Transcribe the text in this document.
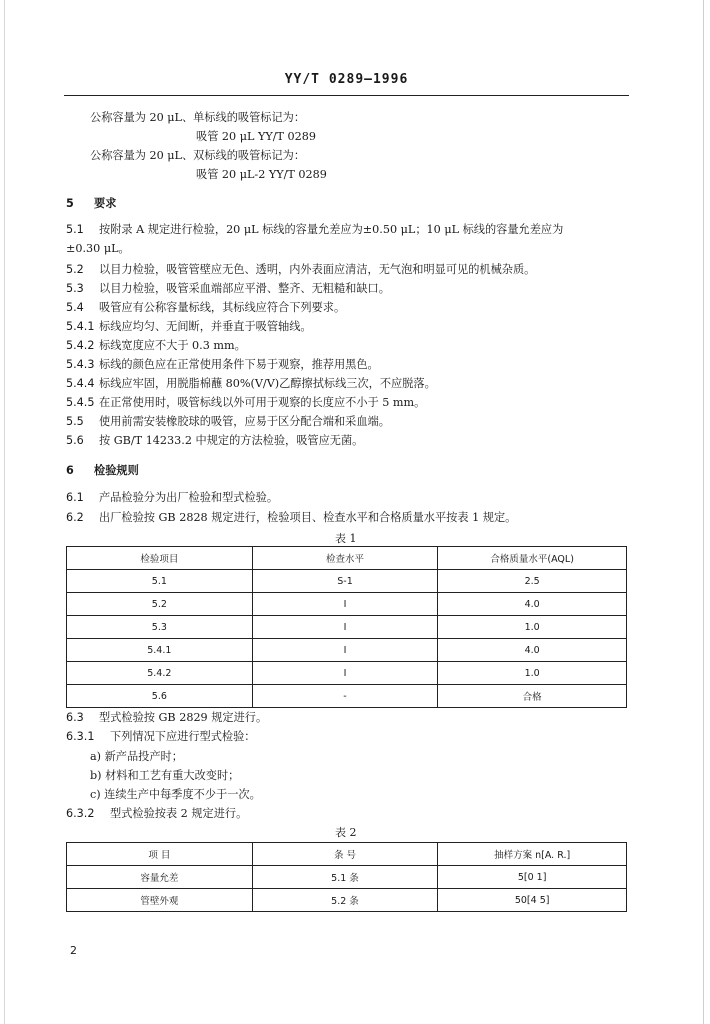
YY/T 0289—1996
公称容量为 20 μL、单标线的吸管标记为：
吸管 20 μL YY/T 0289
公称容量为 20 μL、双标线的吸管标记为：
吸管 20 μL-2 YY/T 0289
5 要求
5.1 按附录 A 规定进行检验，20 μL 标线的容量允差应为±0.50 μL；10 μL 标线的容量允差应为
±0.30 μL。
5.2 以目力检验，吸管管壁应无色、透明，内外表面应清洁，无气泡和明显可见的机械杂质。
5.3 以目力检验，吸管采血端部应平滑、整齐、无粗糙和缺口。
5.4 吸管应有公称容量标线，其标线应符合下列要求。
5.4.1 标线应均匀、无间断，并垂直于吸管轴线。
5.4.2 标线宽度应不大于 0.3 mm。
5.4.3 标线的颜色应在正常使用条件下易于观察，推荐用黑色。
5.4.4 标线应牢固，用脱脂棉蘸 80%(V/V)乙醇擦拭标线三次，不应脱落。
5.4.5 在正常使用时，吸管标线以外可用于观察的长度应不小于 5 mm。
5.5 使用前需安装橡胶球的吸管，应易于区分配合端和采血端。
5.6 按 GB/T 14233.2 中规定的方法检验，吸管应无菌。
6 检验规则
6.1 产品检验分为出厂检验和型式检验。
6.2 出厂检验按 GB 2828 规定进行，检验项目、检查水平和合格质量水平按表 1 规定。
表 1
检验项目	检查水平	合格质量水平(AQL)
5.1	S-1	2.5
5.2	Ⅰ	4.0
5.3	Ⅰ	1.0
5.4.1	Ⅰ	4.0
5.4.2	Ⅰ	1.0
5.6	-	合格
6.3 型式检验按 GB 2829 规定进行。
6.3.1 下列情况下应进行型式检验：
a) 新产品投产时；
b) 材料和工艺有重大改变时；
c) 连续生产中每季度不少于一次。
6.3.2 型式检验按表 2 规定进行。
表 2
项 目	条 号	抽样方案 n[A. R.]
容量允差	5.1 条	5[0 1]
管壁外观	5.2 条	50[4 5]
2
